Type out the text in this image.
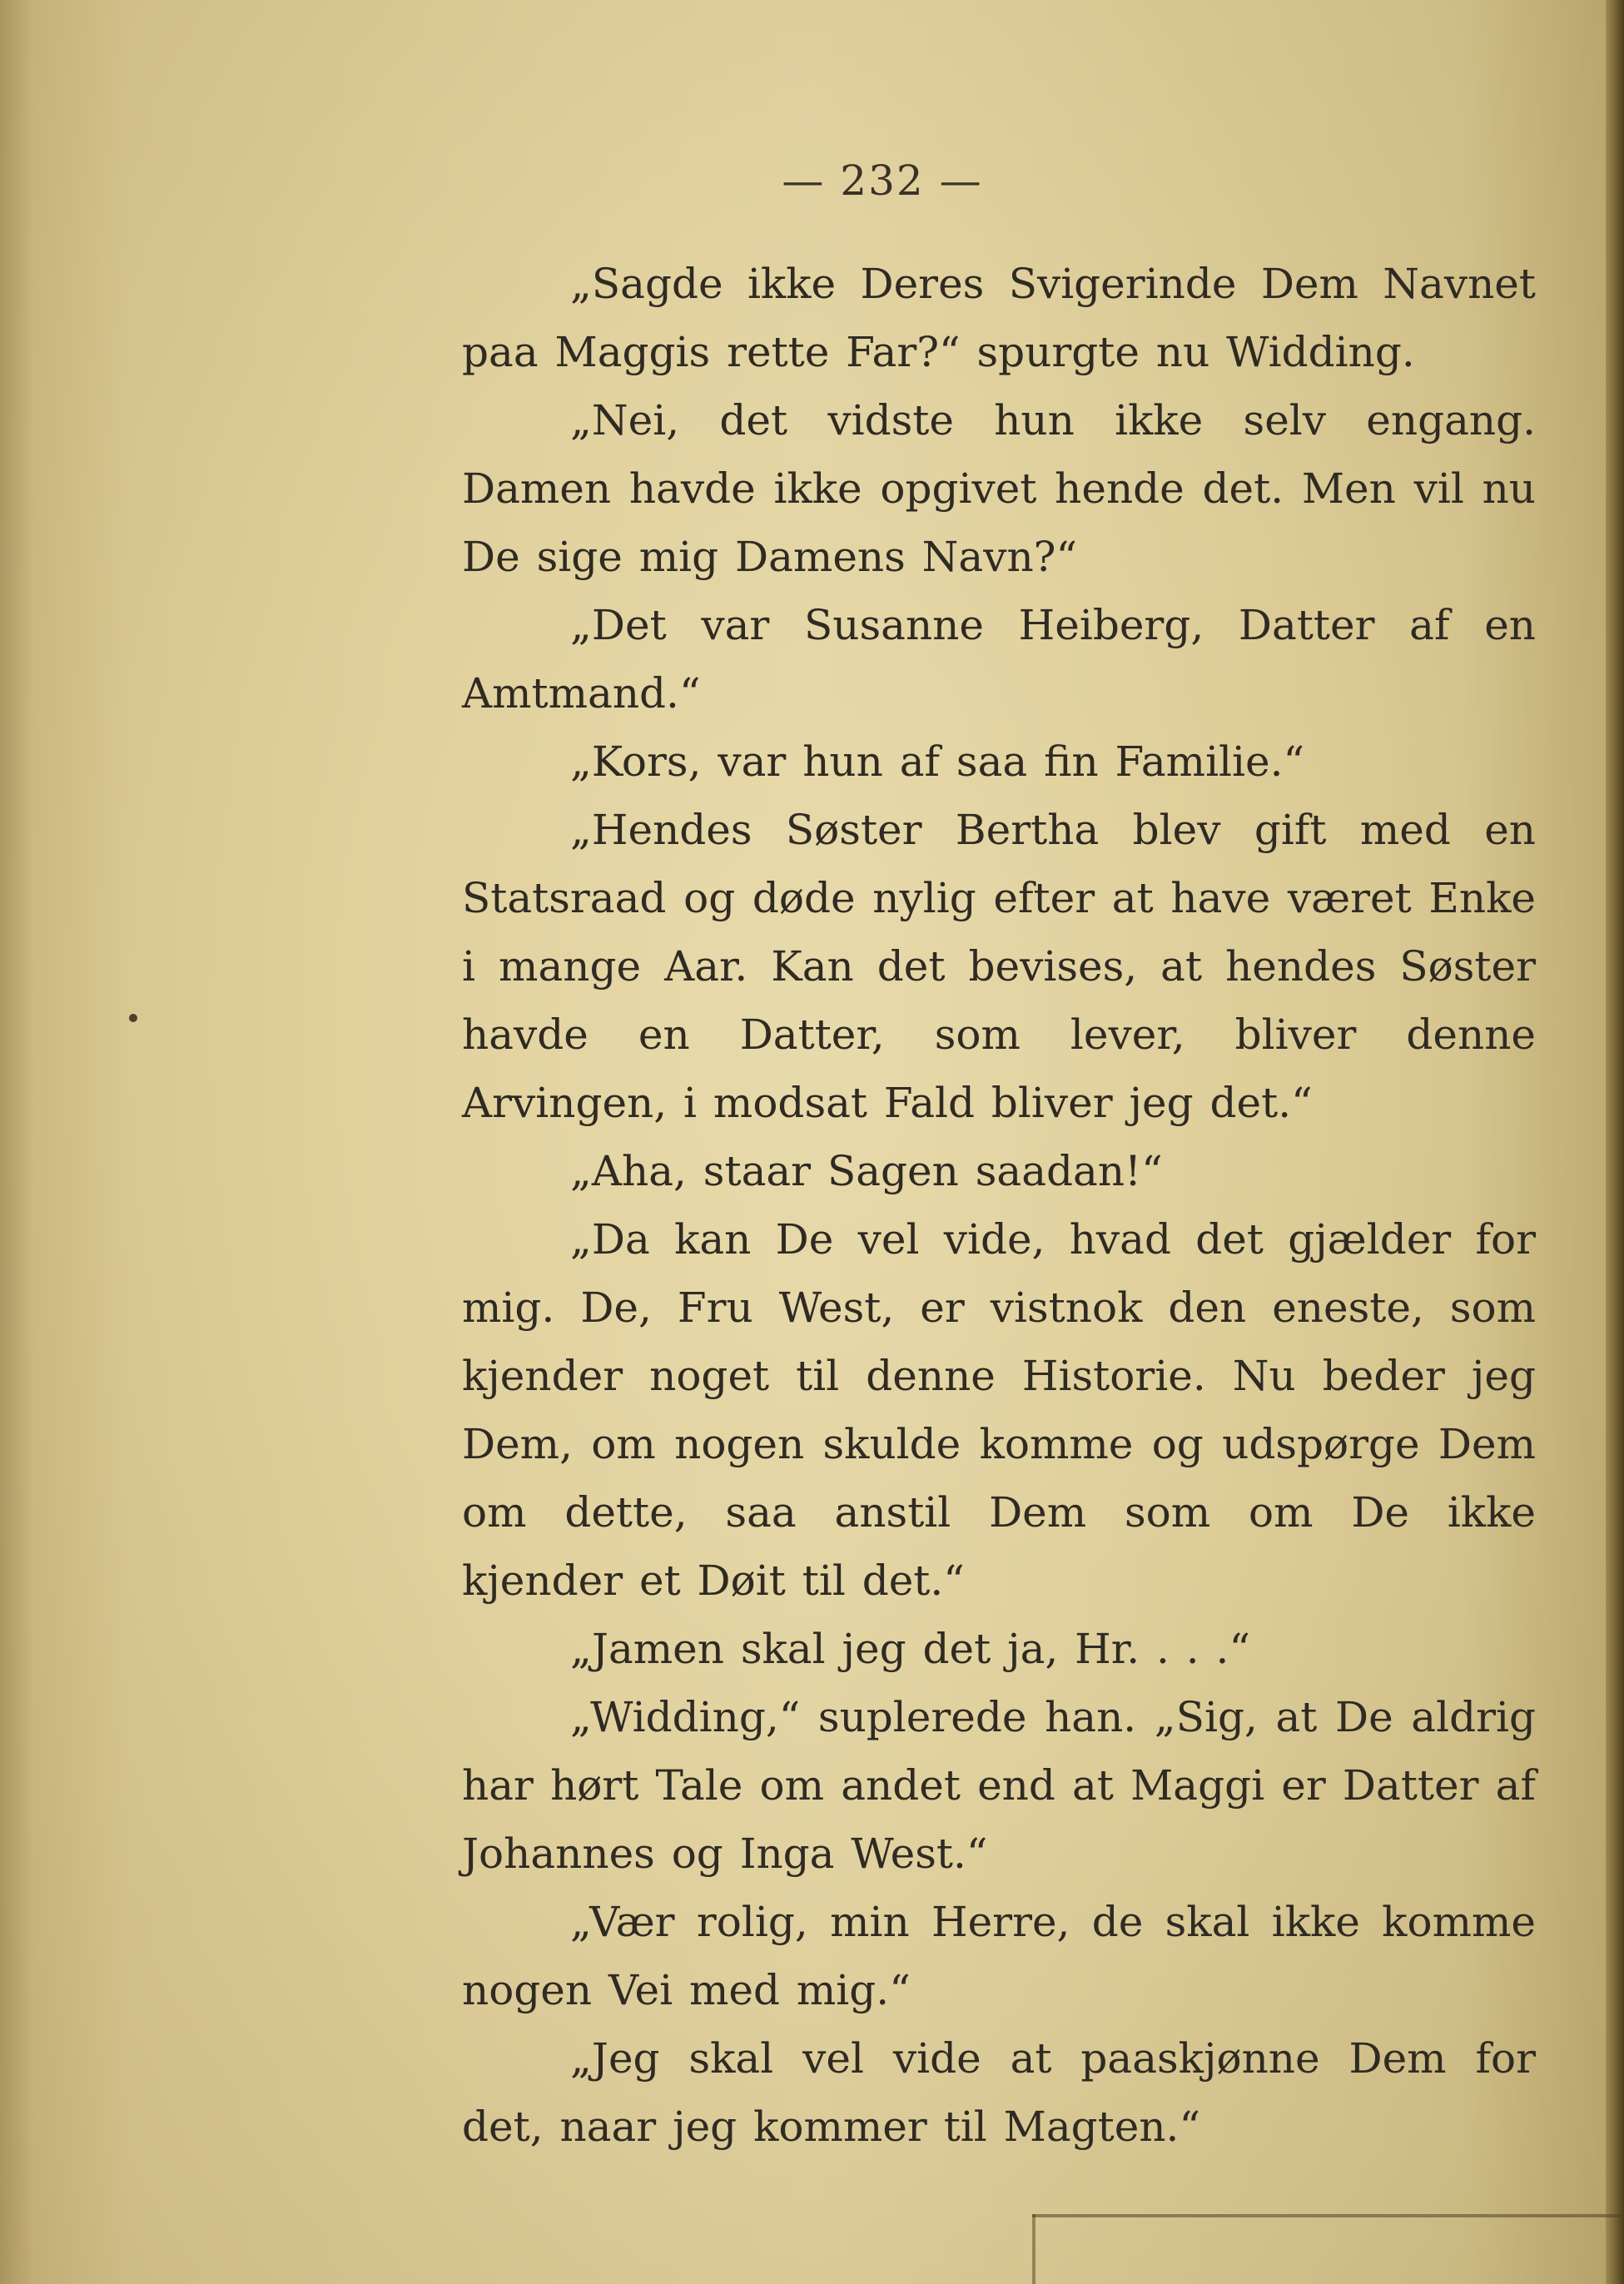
— 232 —

„Sagde ikke Deres Svigerinde Dem Navnet paa Maggis rette Far?“ spurgte nu Widding.

„Nei, det vidste hun ikke selv engang. Damen havde ikke opgivet hende det. Men vil nu De sige mig Damens Navn?“

„Det var Susanne Heiberg, Datter af en Amtmand.“

„Kors, var hun af saa fin Familie.“

„Hendes Søster Bertha blev gift med en Statsraad og døde nylig efter at have været Enke i mange Aar. Kan det bevises, at hendes Søster havde en Datter, som lever, bliver denne Arvingen, i modsat Fald bliver jeg det.“

„Aha, staar Sagen saadan!“

„Da kan De vel vide, hvad det gjælder for mig. De, Fru West, er vistnok den eneste, som kjender noget til denne Historie. Nu beder jeg Dem, om nogen skulde komme og udspørge Dem om dette, saa anstil Dem som om De ikke kjender et Døit til det.“

„Jamen skal jeg det ja, Hr. . . .“

„Widding,“ suplerede han. „Sig, at De aldrig har hørt Tale om andet end at Maggi er Datter af Johannes og Inga West.“

„Vær rolig, min Herre, de skal ikke komme nogen Vei med mig.“

„Jeg skal vel vide at paaskjønne Dem for det, naar jeg kommer til Magten.“
